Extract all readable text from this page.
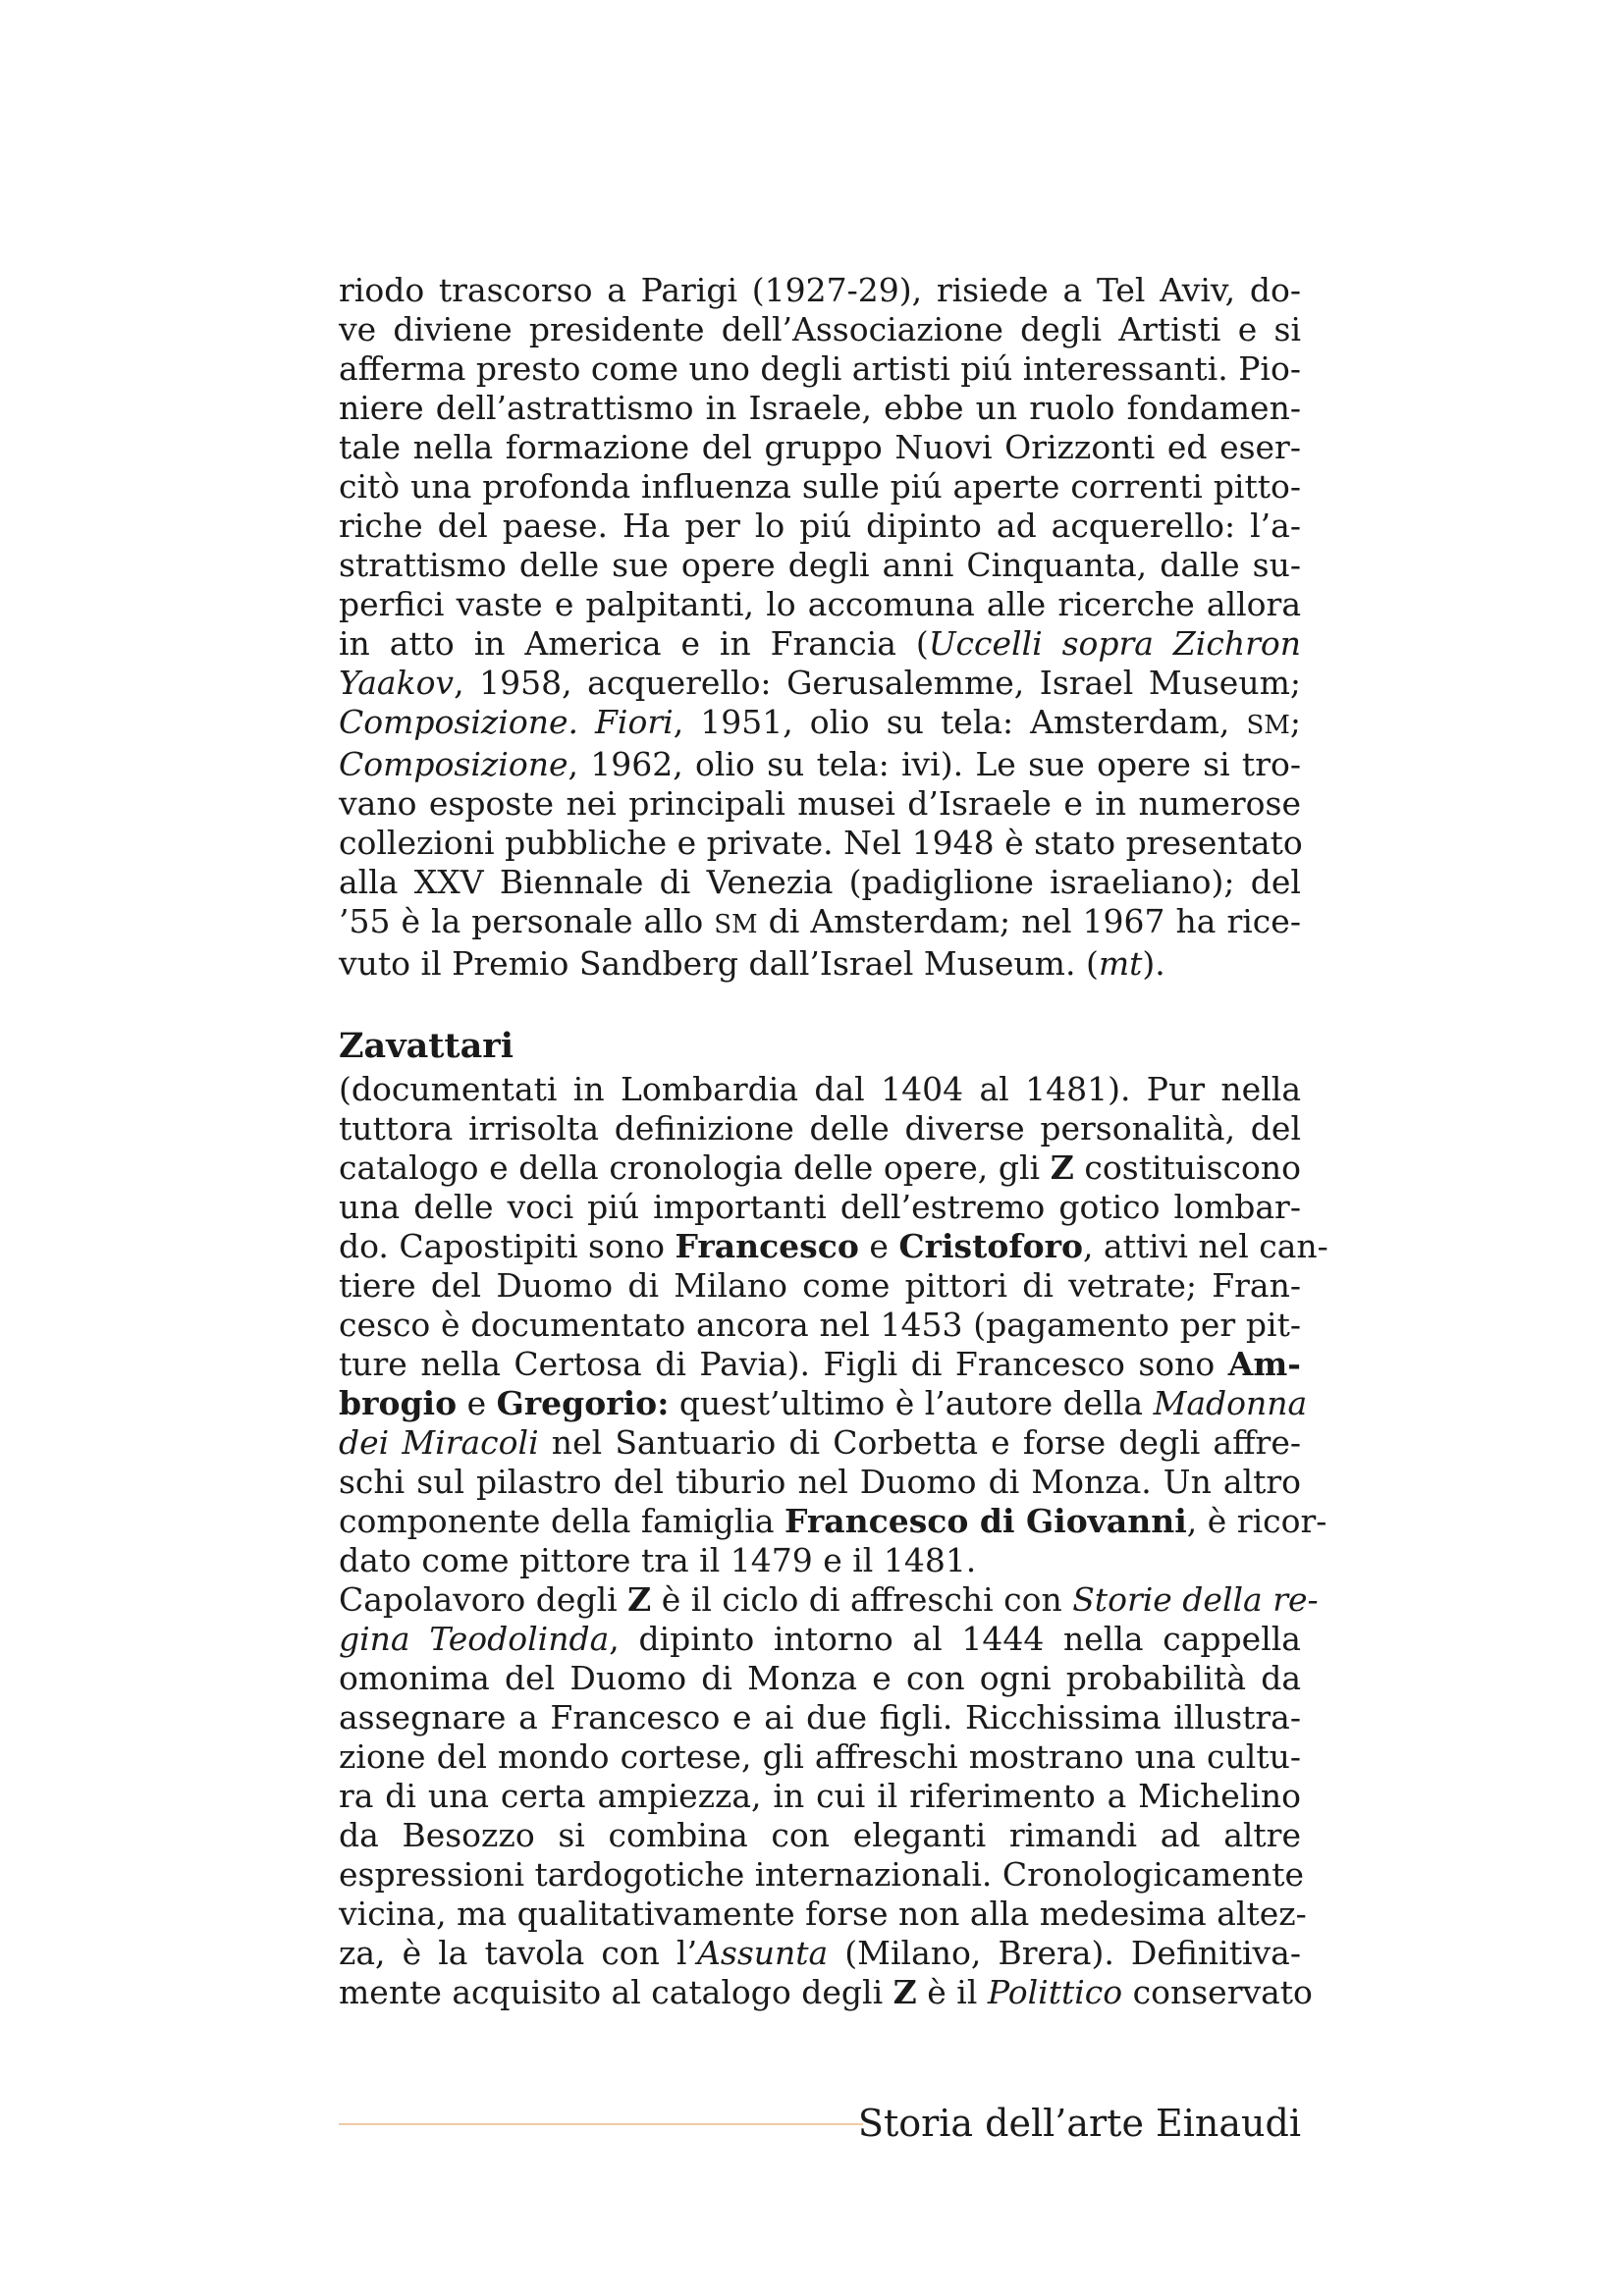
riodo trascorso a Parigi (1927-29), risiede a Tel Aviv, do-
ve diviene presidente dell’Associazione degli Artisti e si
afferma presto come uno degli artisti piú interessanti. Pio-
niere dell’astrattismo in Israele, ebbe un ruolo fondamen-
tale nella formazione del gruppo Nuovi Orizzonti ed eser-
citò una profonda influenza sulle piú aperte correnti pitto-
riche del paese. Ha per lo piú dipinto ad acquerello: l’a-
strattismo delle sue opere degli anni Cinquanta, dalle su-
perfici vaste e palpitanti, lo accomuna alle ricerche allora
in atto in America e in Francia (Uccelli sopra Zichron
Yaakov, 1958, acquerello: Gerusalemme, Israel Museum;
Composizione. Fiori, 1951, olio su tela: Amsterdam, SM;
Composizione, 1962, olio su tela: ivi). Le sue opere si tro-
vano esposte nei principali musei d’Israele e in numerose
collezioni pubbliche e private. Nel 1948 è stato presentato
alla XXV Biennale di Venezia (padiglione israeliano); del
’55 è la personale allo SM di Amsterdam; nel 1967 ha rice-
vuto il Premio Sandberg dall’Israel Museum. (mt).
Zavattari
(documentati in Lombardia dal 1404 al 1481). Pur nella
tuttora irrisolta definizione delle diverse personalità, del
catalogo e della cronologia delle opere, gli Z costituiscono
una delle voci piú importanti dell’estremo gotico lombar-
do. Capostipiti sono Francesco e Cristoforo, attivi nel can-
tiere del Duomo di Milano come pittori di vetrate; Fran-
cesco è documentato ancora nel 1453 (pagamento per pit-
ture nella Certosa di Pavia). Figli di Francesco sono Am-
brogio e Gregorio: quest’ultimo è l’autore della Madonna
dei Miracoli nel Santuario di Corbetta e forse degli affre-
schi sul pilastro del tiburio nel Duomo di Monza. Un altro
componente della famiglia Francesco di Giovanni, è ricor-
dato come pittore tra il 1479 e il 1481.
Capolavoro degli Z è il ciclo di affreschi con Storie della re-
gina Teodolinda, dipinto intorno al 1444 nella cappella
omonima del Duomo di Monza e con ogni probabilità da
assegnare a Francesco e ai due figli. Ricchissima illustra-
zione del mondo cortese, gli affreschi mostrano una cultu-
ra di una certa ampiezza, in cui il riferimento a Michelino
da Besozzo si combina con eleganti rimandi ad altre
espressioni tardogotiche internazionali. Cronologicamente
vicina, ma qualitativamente forse non alla medesima altez-
za, è la tavola con l’Assunta (Milano, Brera). Definitiva-
mente acquisito al catalogo degli Z è il Polittico conservato
Storia dell’arte Einaudi
